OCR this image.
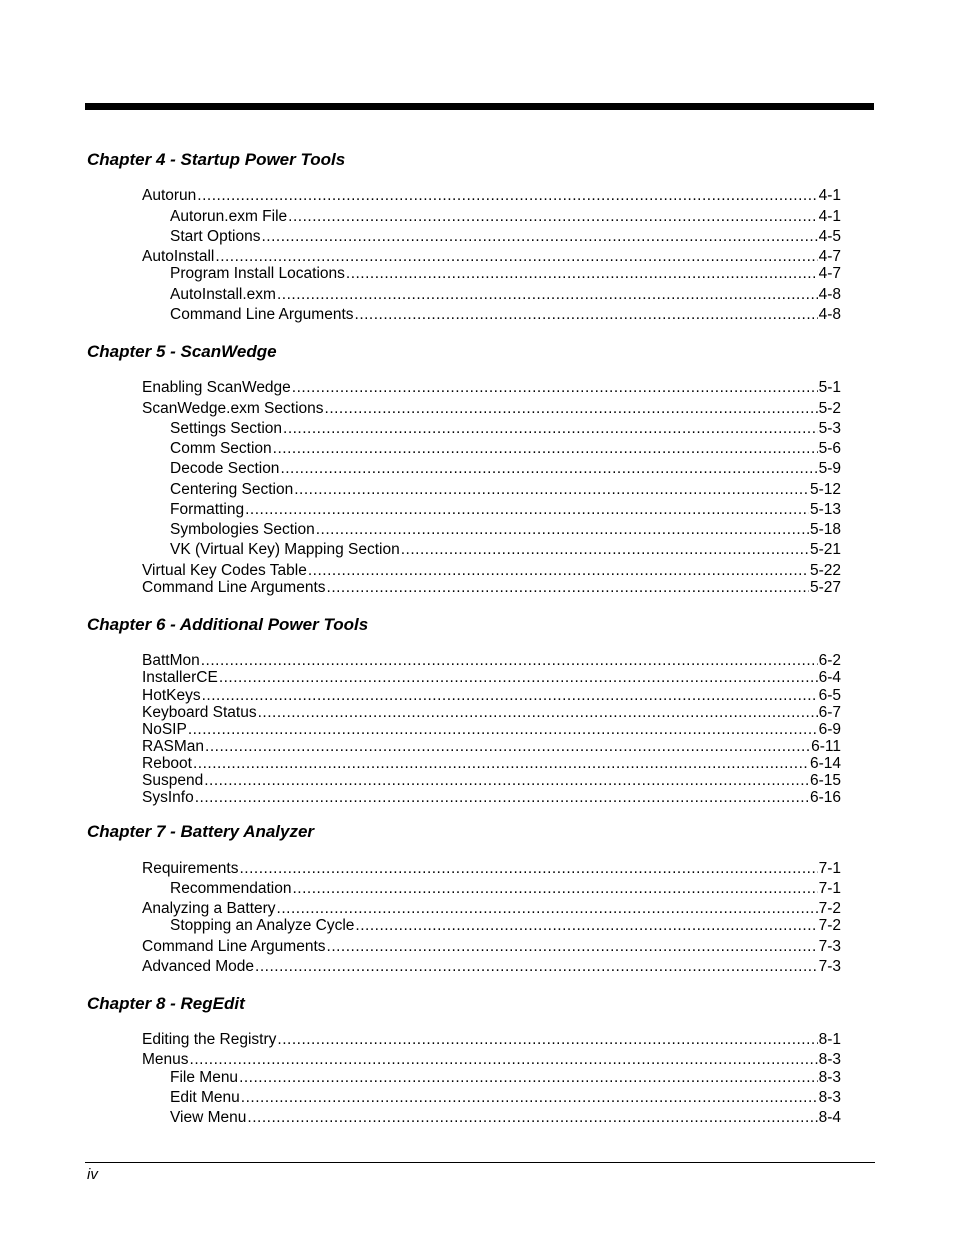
Chapter 4 - Startup Power Tools
Autorun .....	4-1
Autorun.exm File .....	4-1
Start Options .....	4-5
AutoInstall .....	4-7
Program Install Locations .....	4-7
AutoInstall.exm .....	4-8
Command Line Arguments .....	4-8
Chapter 5 - ScanWedge
Enabling ScanWedge .....	5-1
ScanWedge.exm Sections .....	5-2
Settings Section .....	5-3
Comm Section .....	5-6
Decode Section .....	5-9
Centering Section .....	5-12
Formatting .....	5-13
Symbologies Section .....	5-18
VK (Virtual Key) Mapping Section .....	5-21
Virtual Key Codes Table .....	5-22
Command Line Arguments .....	5-27
Chapter 6 - Additional Power Tools
BattMon .....	6-2
InstallerCE .....	6-4
HotKeys .....	6-5
Keyboard Status .....	6-7
NoSIP .....	6-9
RASMan .....	6-11
Reboot .....	6-14
Suspend .....	6-15
SysInfo .....	6-16
Chapter 7 - Battery Analyzer
Requirements .....	7-1
Recommendation .....	7-1
Analyzing a Battery .....	7-2
Stopping an Analyze Cycle .....	7-2
Command Line Arguments .....	7-3
Advanced Mode .....	7-3
Chapter 8 - RegEdit
Editing the Registry .....	8-1
Menus .....	8-3
File Menu .....	8-3
Edit Menu .....	8-3
View Menu .....	8-4
iv
